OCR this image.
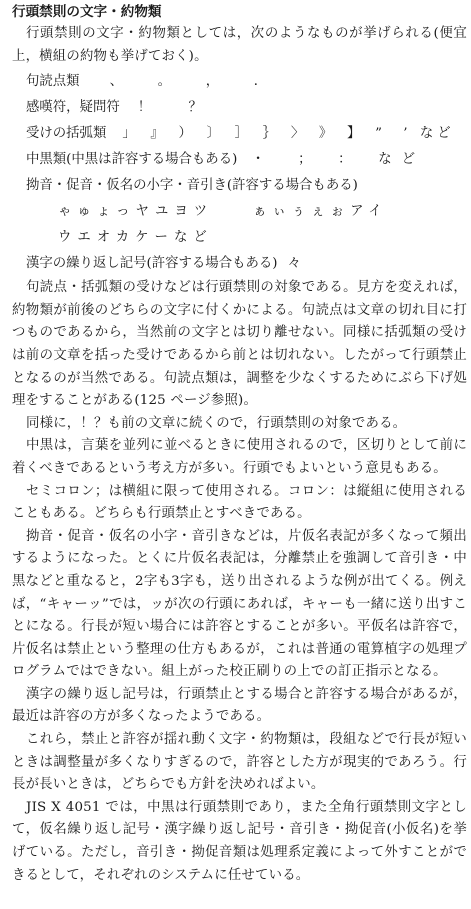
行頭禁則の文字・約物類

行頭禁則の文字・約物類としては，次のようなものが挙げられる(便宜上，横組の約物も挙げておく)。

句読点類 、　。　，　．
感嘆符，疑問符 ！　？
受けの括弧類 」　』　）　〕　］　｝　〉　》　】　”　’ など
中黒類(中黒は許容する場合もある) ・　；　：　など
拗音・促音・仮名の小字・音引き(許容する場合もある)
ゃゅょっヤユヨツ	ぁぃぅぇぉアイ
ウエオカケーなど
漢字の繰り返し記号(許容する場合もある) 々

句読点・括弧類の受けなどは行頭禁則の対象である。見方を変えれば，約物類が前後のどちらの文字に付くかによる。句読点は文章の切れ目に打つものであるから，当然前の文字とは切り離せない。同様に括弧類の受けは前の文章を括った受けであるから前とは切れない。したがって行頭禁止となるのが当然である。句読点類は，調整を少なくするためにぶら下げ処理をすることがある(125 ページ参照)。

同様に，！？も前の文章に続くので，行頭禁則の対象である。

中黒は，言葉を並列に並べるときに使用されるので，区切りとして前に着くべきであるという考え方が多い。行頭でもよいという意見もある。

セミコロン；は横組に限って使用される。コロン：は縦組に使用されることもある。どちらも行頭禁止とすべきである。

拗音・促音・仮名の小字・音引きなどは，片仮名表記が多くなって頻出するようになった。とくに片仮名表記は，分離禁止を強調して音引き・中黒などと重なると，2字も3字も，送り出されるような例が出てくる。例えば，“キャーッ”では，ッが次の行頭にあれば，キャーも一緒に送り出すことになる。行長が短い場合には許容とすることが多い。平仮名は許容で，片仮名は禁止という整理の仕方もあるが，これは普通の電算植字の処理プログラムではできない。組上がった校正刷りの上での訂正指示となる。

漢字の繰り返し記号は，行頭禁止とする場合と許容する場合があるが，最近は許容の方が多くなったようである。

これら，禁止と許容が揺れ動く文字・約物類は，段組などで行長が短いときは調整量が多くなりすぎるので，許容とした方が現実的であろう。行長が長いときは，どちらでも方針を決めればよい。

JIS X 4051 では，中黒は行頭禁則であり，また全角行頭禁則文字として，仮名繰り返し記号・漢字繰り返し記号・音引き・拗促音(小仮名)を挙げている。ただし，音引き・拗促音類は処理系定義によって外すことができるとして，それぞれのシステムに任せている。
